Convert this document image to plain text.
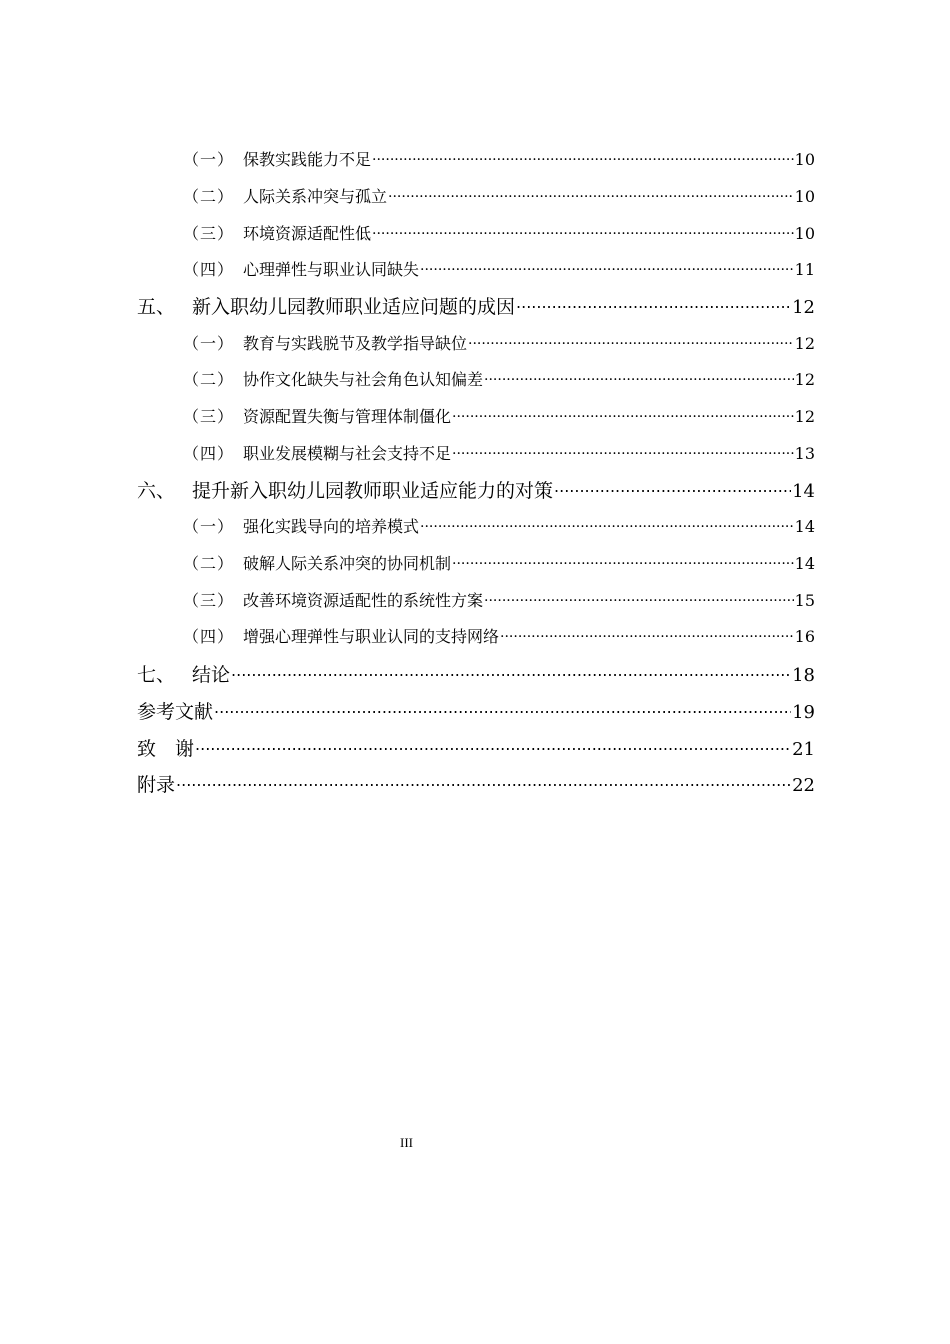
（一） 保教实践能力不足 .....	10
（二） 人际关系冲突与孤立 .....	10
（三） 环境资源适配性低 .....	10
（四） 心理弹性与职业认同缺失 .....	11
五、 新入职幼儿园教师职业适应问题的成因 .....	12
（一） 教育与实践脱节及教学指导缺位 .....	12
（二） 协作文化缺失与社会角色认知偏差 .....	12
（三） 资源配置失衡与管理体制僵化 .....	12
（四） 职业发展模糊与社会支持不足 .....	13
六、 提升新入职幼儿园教师职业适应能力的对策 .....	14
（一） 强化实践导向的培养模式 .....	14
（二） 破解人际关系冲突的协同机制 .....	14
（三） 改善环境资源适配性的系统性方案 .....	15
（四） 增强心理弹性与职业认同的支持网络 .....	16
七、 结论 .....	18
参考文献 .....	19
致　谢 .....	21
附录 .....	22
III
